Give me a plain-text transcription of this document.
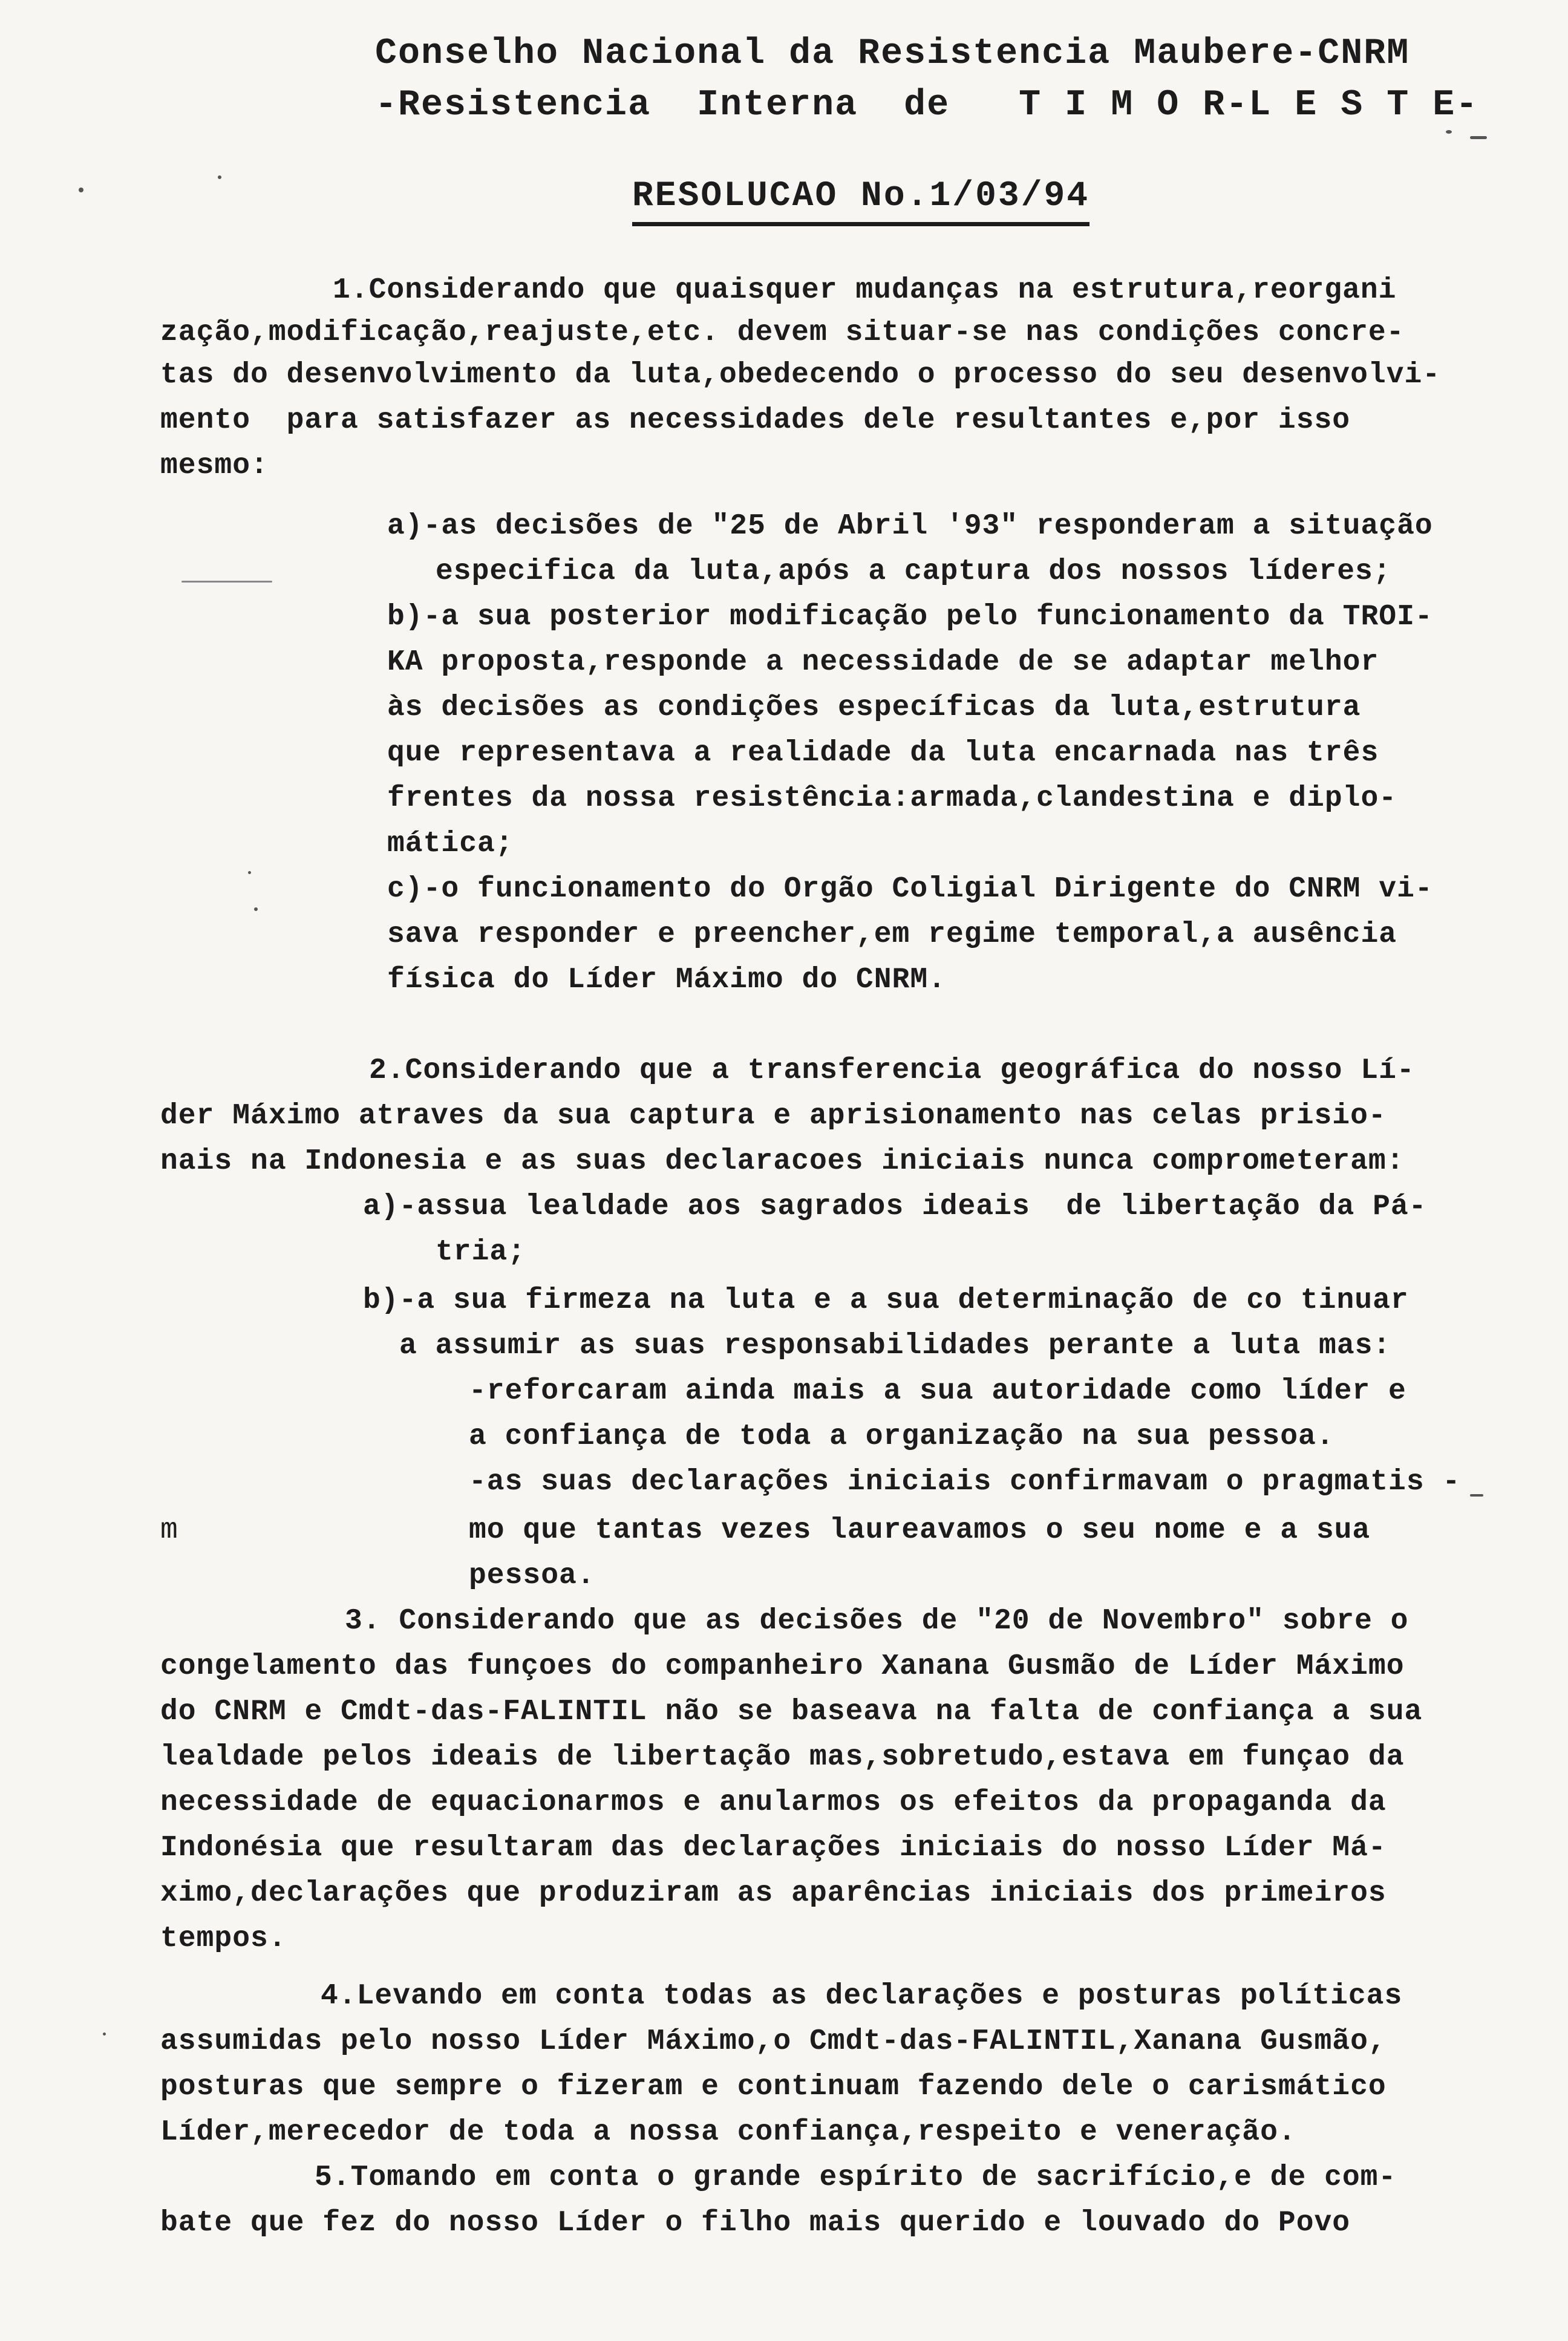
Conselho Nacional da Resistencia Maubere-CNRM
-Resistencia  Interna  de   T I M O R-L E S T E-
RESOLUCAO No.1/03/94
m
1.Considerando que quaisquer mudanças na estrutura,reorgani
zação,modificação,reajuste,etc. devem situar-se nas condições concre-
tas do desenvolvimento da luta,obedecendo o processo do seu desenvolvi-
mento  para satisfazer as necessidades dele resultantes e,por isso
mesmo:
a)-as decisões de "25 de Abril '93" responderam a situação
especifica da luta,após a captura dos nossos líderes;
b)-a sua posterior modificação pelo funcionamento da TROI-
KA proposta,responde a necessidade de se adaptar melhor
às decisões as condições específicas da luta,estrutura
que representava a realidade da luta encarnada nas três
frentes da nossa resistência:armada,clandestina e diplo-
mática;
c)-o funcionamento do Orgão Coligial Dirigente do CNRM vi-
sava responder e preencher,em regime temporal,a ausência
física do Líder Máximo do CNRM.
2.Considerando que a transferencia geográfica do nosso Lí-
der Máximo atraves da sua captura e aprisionamento nas celas prisio-
nais na Indonesia e as suas declaracoes iniciais nunca comprometeram:
a)-assua lealdade aos sagrados ideais  de libertação da Pá-
tria;
b)-a sua firmeza na luta e a sua determinação de co tinuar
a assumir as suas responsabilidades perante a luta mas:
-reforcaram ainda mais a sua autoridade como líder e
a confiança de toda a organização na sua pessoa.
-as suas declarações iniciais confirmavam o pragmatis -
mo que tantas vezes laureavamos o seu nome e a sua
pessoa.
3. Considerando que as decisões de "20 de Novembro" sobre o
congelamento das funçoes do companheiro Xanana Gusmão de Líder Máximo
do CNRM e Cmdt-das-FALINTIL não se baseava na falta de confiança a sua
lealdade pelos ideais de libertação mas,sobretudo,estava em funçao da
necessidade de equacionarmos e anularmos os efeitos da propaganda da
Indonésia que resultaram das declarações iniciais do nosso Líder Má-
ximo,declarações que produziram as aparências iniciais dos primeiros
tempos.
4.Levando em conta todas as declarações e posturas políticas
assumidas pelo nosso Líder Máximo,o Cmdt-das-FALINTIL,Xanana Gusmão,
posturas que sempre o fizeram e continuam fazendo dele o carismático
Líder,merecedor de toda a nossa confiança,respeito e veneração.
5.Tomando em conta o grande espírito de sacrifício,e de com-
bate que fez do nosso Líder o filho mais querido e louvado do Povo
